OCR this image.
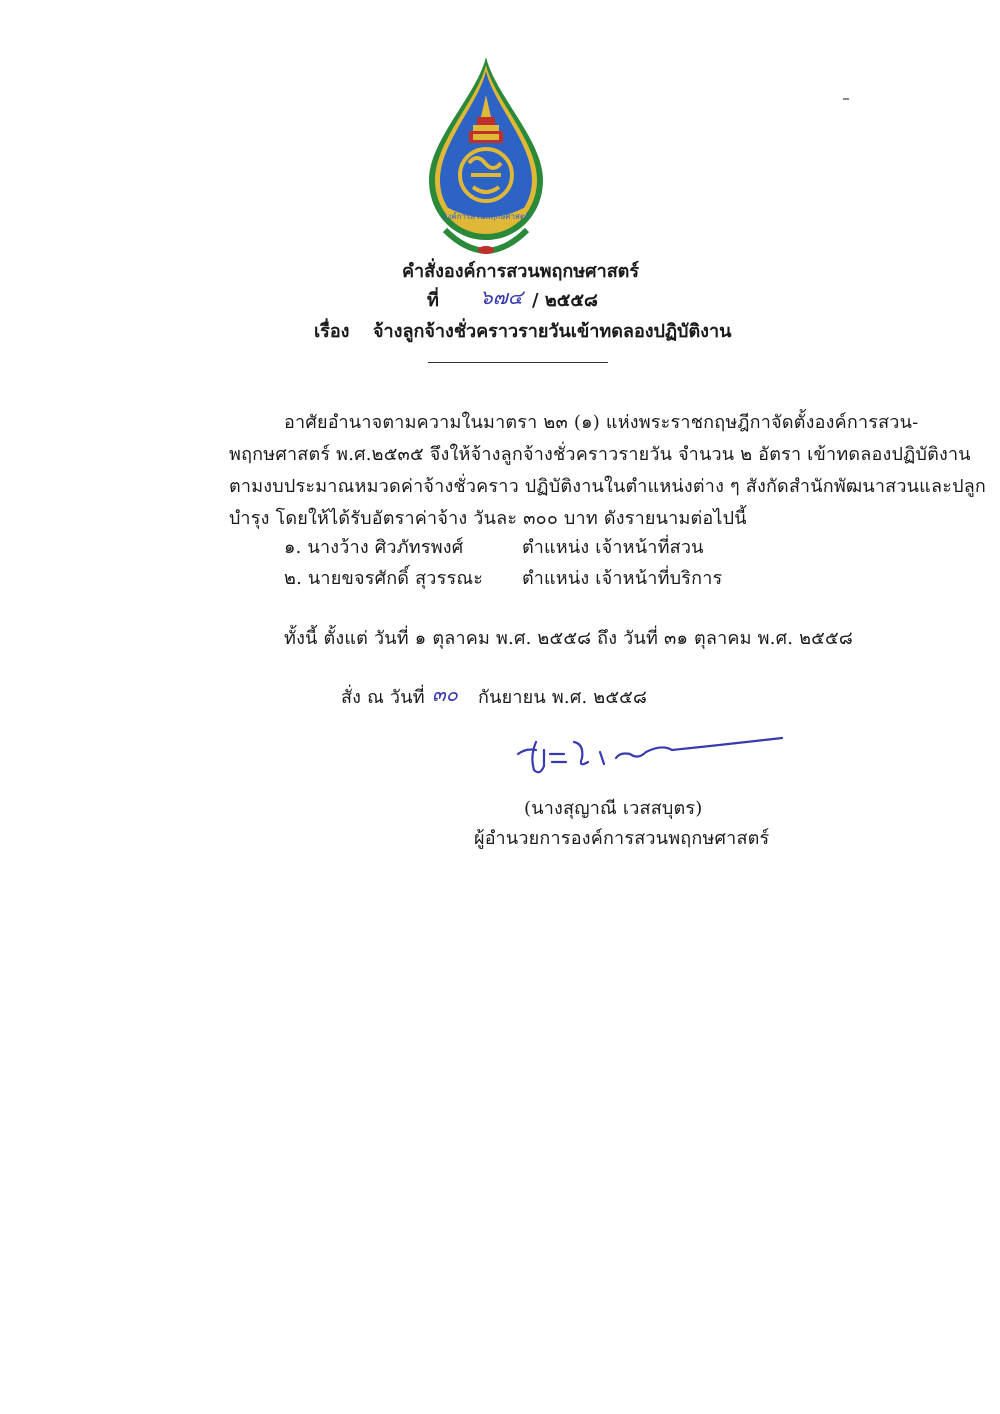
องค์การสวนพฤกษศาสตร์
คำสั่งองค์การสวนพฤกษศาสตร์
ที่ ๖๗๔ / ๒๕๕๘
เรื่อง จ้างลูกจ้างชั่วคราวรายวันเข้าทดลองปฏิบัติงาน
อาศัยอำนาจตามความในมาตรา ๒๓ (๑) แห่งพระราชกฤษฎีกาจัดตั้งองค์การสวน-
พฤกษศาสตร์ พ.ศ.๒๕๓๕ จึงให้จ้างลูกจ้างชั่วคราวรายวัน จำนวน ๒ อัตรา เข้าทดลองปฏิบัติงาน
ตามงบประมาณหมวดค่าจ้างชั่วคราว ปฏิบัติงานในตำแหน่งต่าง ๆ สังกัดสำนักพัฒนาสวนและปลูก
บำรุง โดยให้ได้รับอัตราค่าจ้าง วันละ ๓๐๐ บาท ดังรายนามต่อไปนี้
๑. นางว้าง ศิวภัทรพงศ์	ตำแหน่ง เจ้าหน้าที่สวน
๒. นายขจรศักดิ์ สุวรรณะ ตำแหน่ง เจ้าหน้าที่บริการ
ทั้งนี้ ตั้งแต่ วันที่ ๑ ตุลาคม พ.ศ. ๒๕๕๘ ถึง วันที่ ๓๑ ตุลาคม พ.ศ. ๒๕๕๘
สั่ง ณ วันที่ ๓๐ กันยายน พ.ศ. ๒๕๕๘
(นางสุญาณี เวสสบุตร)
ผู้อำนวยการองค์การสวนพฤกษศาสตร์
